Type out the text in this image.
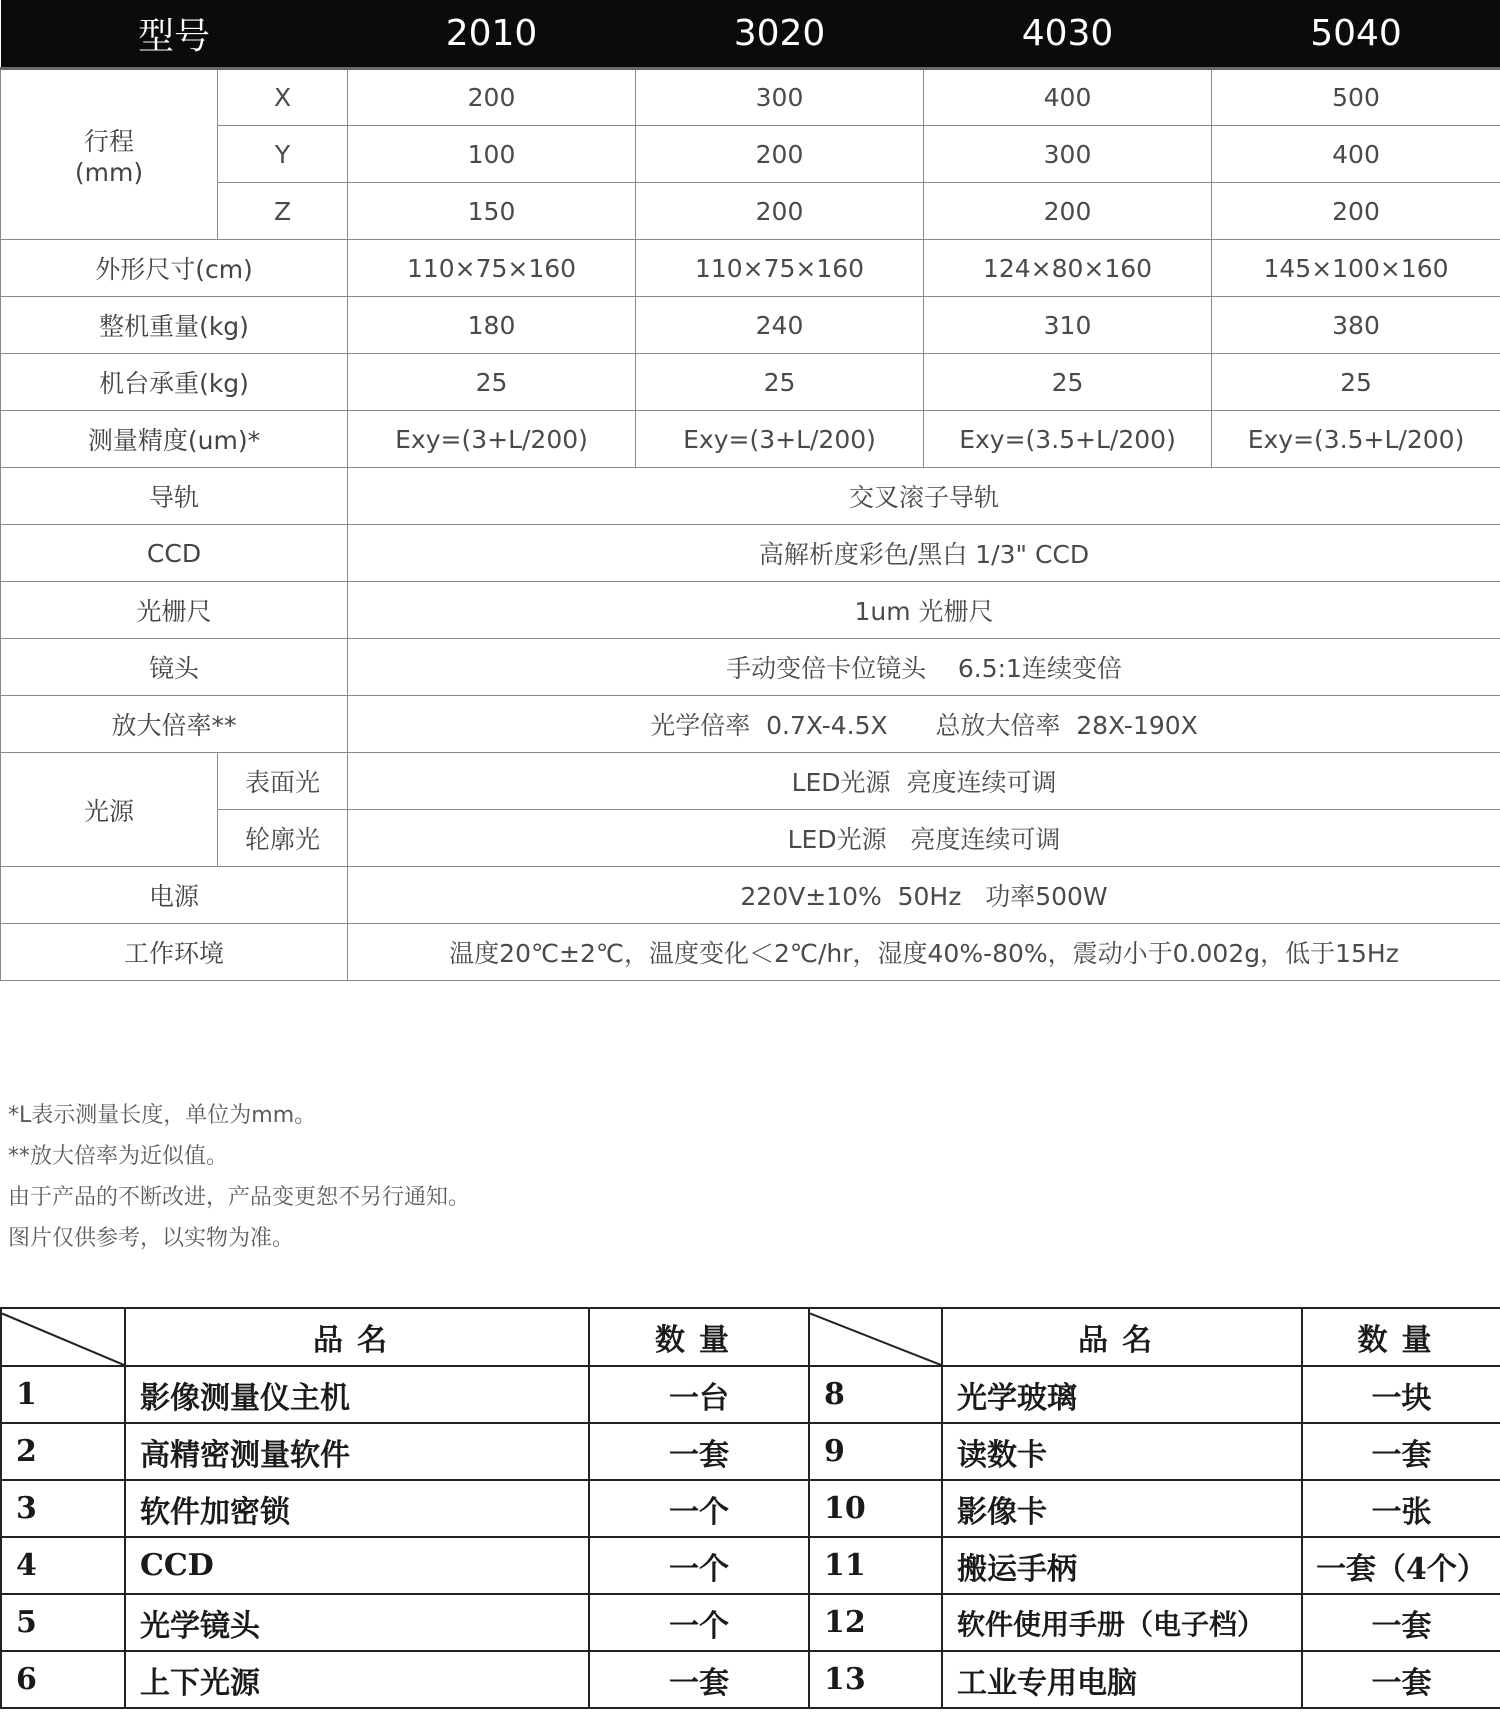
型号		2010	3020	4030	5040

行程
(mm)	X	200	300	400	500
	Y	100	200	300	400
	Z	150	200	200	200
外形尺寸(cm)		110×75×160	110×75×160	124×80×160	145×100×160
整机重量(kg)		180	240	310	380
机台承重(kg)		25	25	25	25
测量精度(um)*		Exy=(3+L/200)	Exy=(3+L/200)	Exy=(3.5+L/200)	Exy=(3.5+L/200)
导轨		交叉滚子导轨			
CCD		高解析度彩色/黑白 1/3" CCD			
光栅尺		1um 光栅尺			
镜头		手动变倍卡位镜头    6.5:1连续变倍			
放大倍率**		光学倍率  0.7X-4.5X      总放大倍率  28X-190X			
光源	表面光	LED光源  亮度连续可调			
	轮廓光	LED光源   亮度连续可调			
电源		220V±10%  50Hz   功率500W			
工作环境		温度20℃±2℃，温度变化＜2℃/hr，湿度40%-80%，震动小于0.002g，低于15Hz			
*L表示测量长度，单位为mm。
**放大倍率为近似值。
由于产品的不断改进，产品变更恕不另行通知。
图片仅供参考，以实物为准。
	品名	数量		品名	数量
1	影像测量仪主机	一台	8	光学玻璃	一块
2	高精密测量软件	一套	9	读数卡	一套
3	软件加密锁	一个	10	影像卡	一张
4	CCD	一个	11	搬运手柄	一套（4个）
5	光学镜头	一个	12	软件使用手册（电子档）	一套
6	上下光源	一套	13	工业专用电脑	一套
